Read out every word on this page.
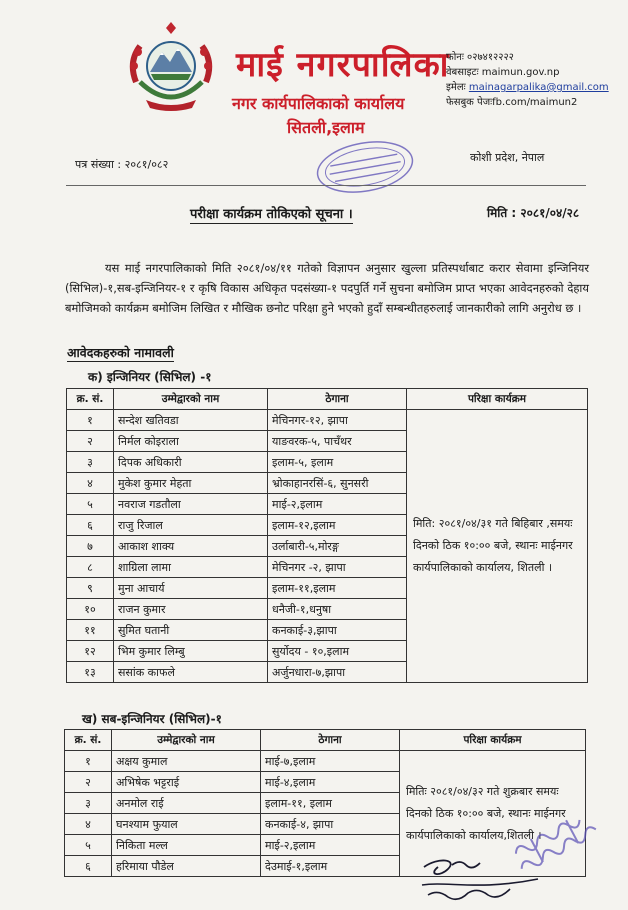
माई नगरपालिका
नगर कार्यपालिकाको कार्यालय
सितली,इलाम
फोनः ०२७४१२२२२
वेबसाइटः maimun.gov.np
इमेलः mainagarpalika@gmail.com
फेसबुक पेजःfb.com/maimun2
पत्र संख्या : २०८१/०८२
कोशी प्रदेश, नेपाल
परीक्षा कार्यक्रम तोकिएको सूचना ।	मिति : २०८१/०४/२८
यस माई नगरपालिकाको मिति २०८१/०४/११ गतेको विज्ञापन अनुसार खुल्ला प्रतिस्पर्धाबाट करार सेवामा इन्जिनियर (सिभिल)-१,सब-इन्जिनियर-१ र कृषि विकास अधिकृत पदसंख्या-१ पदपुर्ति गर्ने सुचना बमोजिम प्राप्त भएका आवेदनहरुको देहाय बमोजिमको कार्यक्रम बमोजिम लिखित र मौखिक छनोट परिक्षा हुने भएको हुदाँ सम्बन्धीतहरुलाई जानकारीको लागि अनुरोध छ ।
आवेदकहरुको नामावली
क) इन्जिनियर (सिभिल) -१
क्र. सं.	उम्मेद्वारको नाम	ठेगाना	परिक्षा कार्यक्रम
१	सन्देश खतिवडा	मेचिनगर-१२, झापा	मिति: २०८१/०४/३१ गते बिहिबार ,समयः दिनको ठिक १०:०० बजे, स्थानः माईनगर कार्यपालिकाको कार्यालय, शितली ।
२	निर्मल कोइराला	याङवरक-५, पाचँथर	
३	दिपक अधिकारी	इलाम-५, इलाम	
४	मुकेश कुमार मेहता	भ्रोकाहानरसिं-६, सुनसरी	
५	नवराज गडतौला	माई-२,इलाम	
६	राजु रिजाल	इलाम-१२,इलाम	
७	आकाश शाक्य	उर्लाबारी-५,मोरङ्ग	
८	शाग्रिला लामा	मेचिनगर -२, झापा	
९	मुना आचार्य	इलाम-११,इलाम	
१०	राजन कुमार	धनैजी-१,धनुषा	
११	सुमित घतानी	कनकाई-३,झापा	
१२	भिम कुमार लिम्बु	सुर्योदय - १०,इलाम	
१३	ससांक काफले	अर्जुनधारा-७,झापा	
ख) सब-इन्जिनियर (सिभिल)-१
क्र. सं.	उम्मेद्वारको नाम	ठेगाना	परिक्षा कार्यक्रम
१	अक्षय कुमाल	माई-७,इलाम	मितिः २०८१/०४/३२ गते शुक्रबार समयः दिनको ठिक १०:०० बजे, स्थानः माईनगर कार्यपालिकाको कार्यालय,शितली ।
२	अभिषेक भट्टराई	माई-४,इलाम	
३	अनमोल राई	इलाम-११, इलाम	
४	घनश्याम फुयाल	कनकाई-४, झापा	
५	निकिता मल्ल	माई-२,इलाम	
६	हरिमाया पौडेल	देउमाई-१,इलाम	
